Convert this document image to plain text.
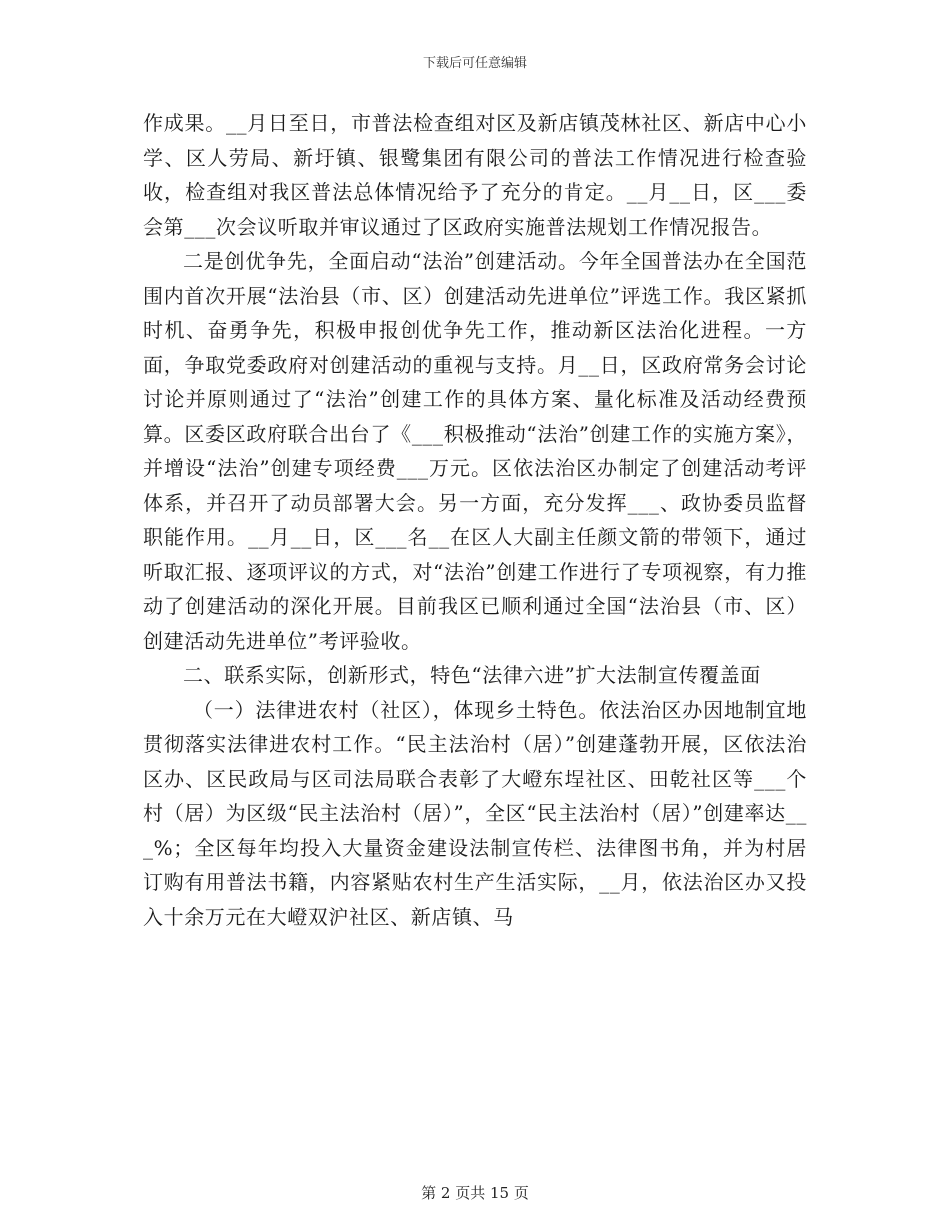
下载后可任意编辑

作成果。__月日至日，市普法检查组对区及新店镇茂林社区、新店中心小学、区人劳局、新圩镇、银鹭集团有限公司的普法工作情况进行检查验收，检查组对我区普法总体情况给予了充分的肯定。__月__日，区___委会第___次会议听取并审议通过了区政府实施普法规划工作情况报告。

二是创优争先，全面启动“法治”创建活动。今年全国普法办在全国范围内首次开展“法治县（市、区）创建活动先进单位”评选工作。我区紧抓时机、奋勇争先，积极申报创优争先工作，推动新区法治化进程。一方面，争取党委政府对创建活动的重视与支持。月__日，区政府常务会讨论讨论并原则通过了“法治”创建工作的具体方案、量化标准及活动经费预算。区委区政府联合出台了《___积极推动“法治”创建工作的实施方案》，并增设“法治”创建专项经费___万元。区依法治区办制定了创建活动考评体系，并召开了动员部署大会。另一方面，充分发挥___、政协委员监督职能作用。__月__日，区___名__在区人大副主任颜文箭的带领下，通过听取汇报、逐项评议的方式，对“法治”创建工作进行了专项视察，有力推动了创建活动的深化开展。目前我区已顺利通过全国“法治县（市、区）创建活动先进单位”考评验收。

二、联系实际，创新形式，特色“法律六进”扩大法制宣传覆盖面

（一）法律进农村（社区），体现乡土特色。依法治区办因地制宜地贯彻落实法律进农村工作。“民主法治村（居）”创建蓬勃开展，区依法治区办、区民政局与区司法局联合表彰了大嶝东埕社区、田乾社区等___个村（居）为区级“民主法治村（居）”，全区“民主法治村（居）”创建率达___%；全区每年均投入大量资金建设法制宣传栏、法律图书角，并为村居订购有用普法书籍，内容紧贴农村生产生活实际，__月，依法治区办又投入十余万元在大嶝双沪社区、新店镇、马

第 2 页共 15 页
